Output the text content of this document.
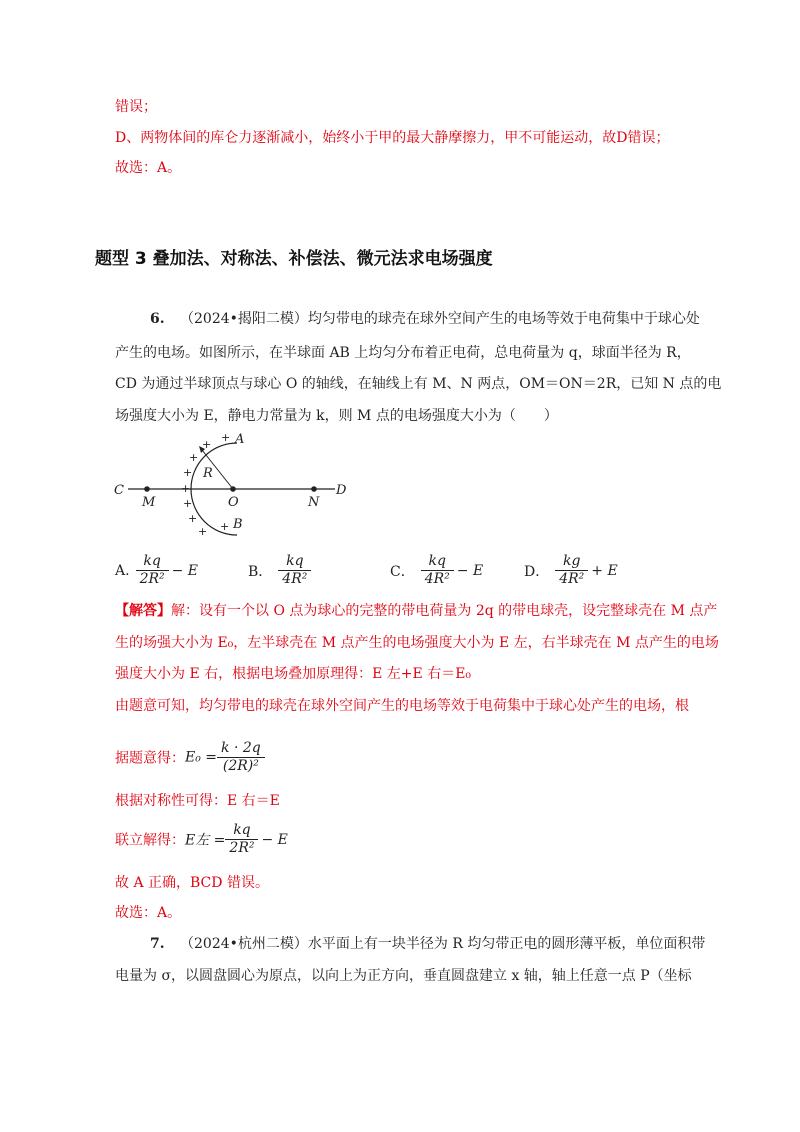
错误；
D、两物体间的库仑力逐渐减小，始终小于甲的最大静摩擦力，甲不可能运动，故D错误；
故选：A。
题型 3 叠加法、对称法、补偿法、微元法求电场强度
6. （2024•揭阳二模）均匀带电的球壳在球外空间产生的电场等效于电荷集中于球心处
产生的电场。如图所示，在半球面 AB 上均匀分布着正电荷，总电荷量为 q，球面半径为 R，
CD 为通过半球顶点与球心 O 的轴线，在轴线上有 M、N 两点，OM＝ON＝2R，已知 N 点的电
场强度大小为 E，静电力常量为 k，则 M 点的电场强度大小为（　　）
A
B
C	D
M	N
O
R
+
+
+
+
+
+
+
+ +
A. $\frac{kq}{\text{2R²}} - E$	B． $\frac{kq}{\text{4R²}}$	C． $\frac{kq}{\text{4R²}} - E$	D． $\frac{kg}{\text{4R²}} + E$
【解答】解：设有一个以 O 点为球心的完整的带电荷量为 2q 的带电球壳，设完整球壳在 M 点产
生的场强大小为 E₀，左半球壳在 M 点产生的电场强度大小为 E 左，右半球壳在 M 点产生的电场
强度大小为 E 右，根据电场叠加原理得：E 左+E 右＝E₀
由题意可知，均匀带电的球壳在球外空间产生的电场等效于电荷集中于球心处产生的电场，根
据题意得：$E_0 = \frac{k \cdot 2q}{\text{(2R)²}}$
根据对称性可得：E 右＝E
联立解得：E左 = $\frac{kq}{\text{2R²}} - E$
故 A 正确，BCD 错误。
故选：A。
7. （2024•杭州二模）水平面上有一块半径为 R 均匀带正电的圆形薄平板，单位面积带
电量为 σ，以圆盘圆心为原点，以向上为正方向，垂直圆盘建立 x 轴，轴上任意一点 P（坐标
